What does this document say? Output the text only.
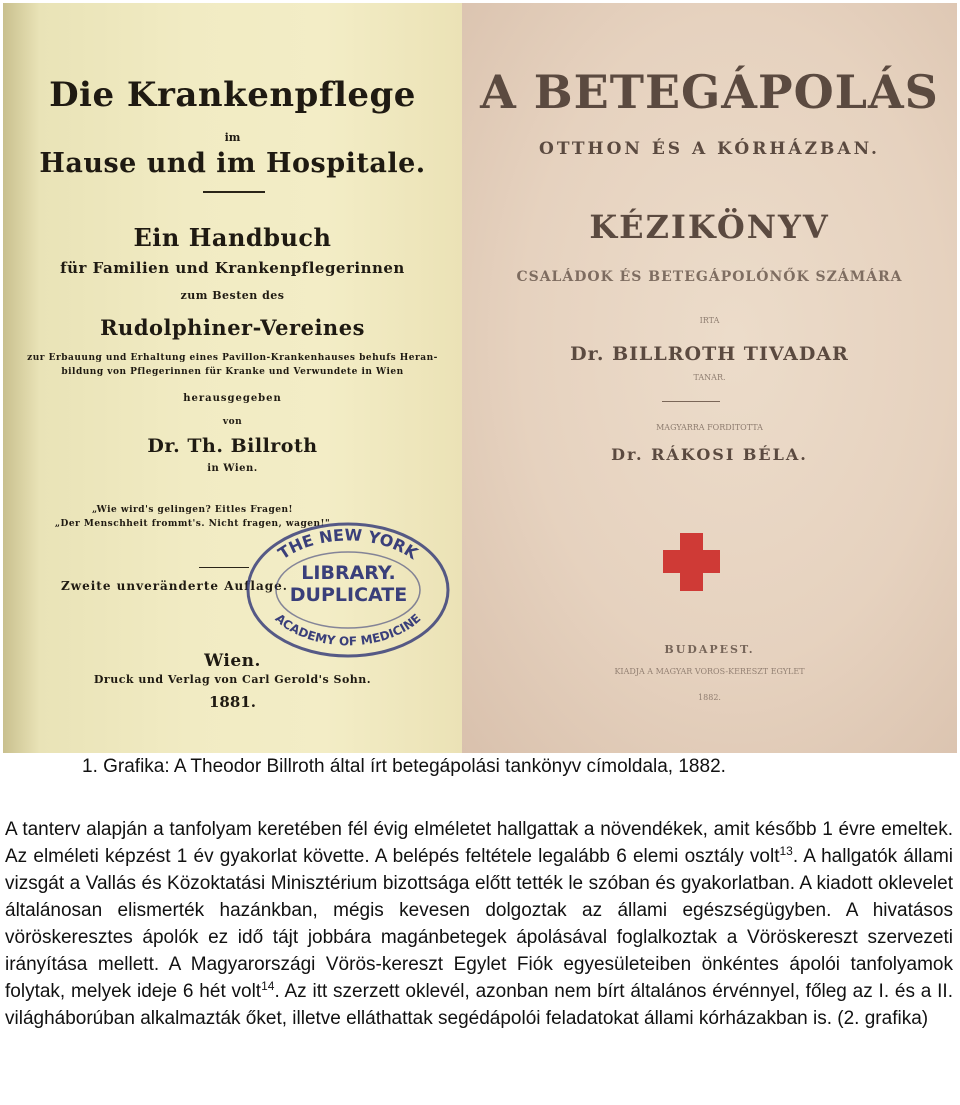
Die Krankenpflege
im
Hause und im Hospitale.
Ein Handbuch
für Familien und Krankenpflegerinnen
zum Besten des
Rudolphiner-Vereines
zur Erbauung und Erhaltung eines Pavillon-Krankenhauses behufs Heran-
bildung von Pflegerinnen für Kranke und Verwundete in Wien
herausgegeben
von
Dr. Th. Billroth
in Wien.
„Wie wird's gelingen? Eitles Fragen!
„Der Menschheit frommt's. Nicht fragen, wagen!"
Zweite unveränderte Auflage.
Wien.
Druck und Verlag von Carl Gerold's Sohn.
1881.
THE NEW YORK
ACADEMY OF MEDICINE
LIBRARY.
DUPLICATE
A BETEGÁPOLÁS
OTTHON ÉS A KÓRHÁZBAN.
KÉZIKÖNYV
CSALÁDOK ÉS BETEGÁPOLÓNŐK SZÁMÁRA
IRTA
Dr. BILLROTH TIVADAR
TANÁR.
MAGYARRA FORDÍTOTTA
Dr. RÁKOSI BÉLA.
BUDAPEST.
KIADJA A MAGYAR VÖRÖS-KERESZT EGYLET
1882.
1. Grafika: A Theodor Billroth által írt betegápolási tankönyv címoldala, 1882.

A tanterv alapján a tanfolyam keretében fél évig elméletet hallgattak a növendékek, amit később 1 évre emeltek. Az elméleti képzést 1 év gyakorlat követte. A belépés feltétele legalább 6 elemi osztály volt$^{13}$. A hallgatók állami vizsgát a Vallás és Közoktatási Minisztérium bizottsága előtt tették le szóban és gyakorlatban. A kiadott oklevelet általánosan elismerték hazánkban, mégis kevesen dolgoztak az állami egészségügyben. A hivatásos vöröskeresztes ápolók ez idő tájt jobbára magánbetegek ápolásával foglalkoztak a Vöröskereszt szervezeti irányítása mellett. A Magyarországi Vörös-kereszt Egylet Fiók egyesületeiben önkéntes ápolói tanfolyamok folytak, melyek ideje 6 hét volt$^{14}$. Az itt szerzett oklevél, azonban nem bírt általános érvénnyel, főleg az I. és a II. világháborúban alkalmazták őket, illetve elláthattak segédápolói feladatokat állami kórházakban is. (2. grafika)
